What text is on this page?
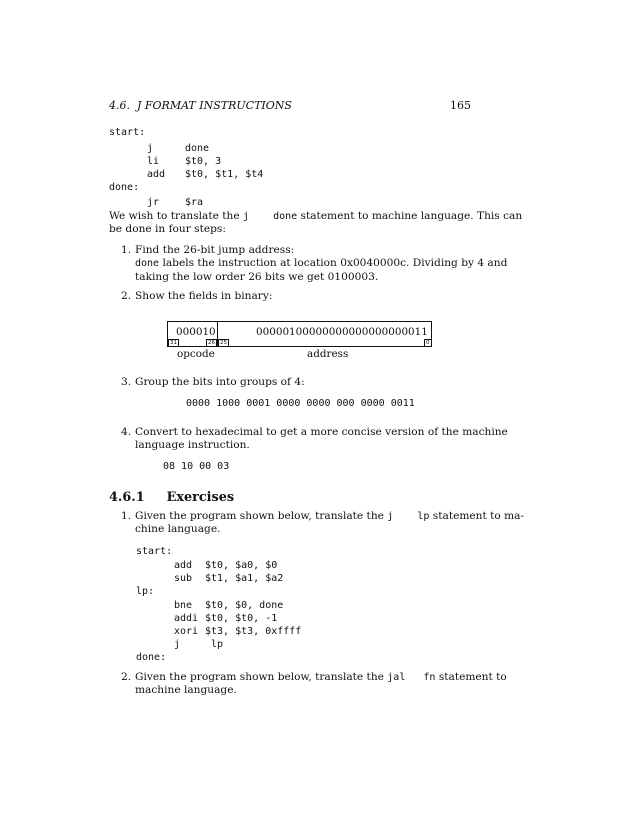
4.6.  J FORMAT INSTRUCTIONS	165
start:
j	done
li	$t0, 3
add $t0, $t1, $t4
done:
jr	$ra
We wish to translate the j    done statement to machine language. This can
be done in four steps:
1. Find the 26-bit jump address:
done labels the instruction at location 0x0040000c. Dividing by 4 and
taking the low order 26 bits we get 0100003.
2. Show the fields in binary:
000010	00000100000000000000000011
31	26 25	0
opcode	address
3. Group the bits into groups of 4:
0000 1000 0001 0000 0000 000 0000 0011
4. Convert to hexadecimal to get a more concise version of the machine
language instruction.
08 10 00 03
4.6.1 Exercises
1. Given the program shown below, translate the j    lp statement to ma-
chine language.
start:
add $t0, $a0, $0
sub $t1, $a1, $a2
lp:
bne $t0, $0, done
addi $t0, $t0, -1
xori $t3, $t3, 0xffff
j lp
done:
2. Given the program shown below, translate the jal   fn statement to
machine language.
